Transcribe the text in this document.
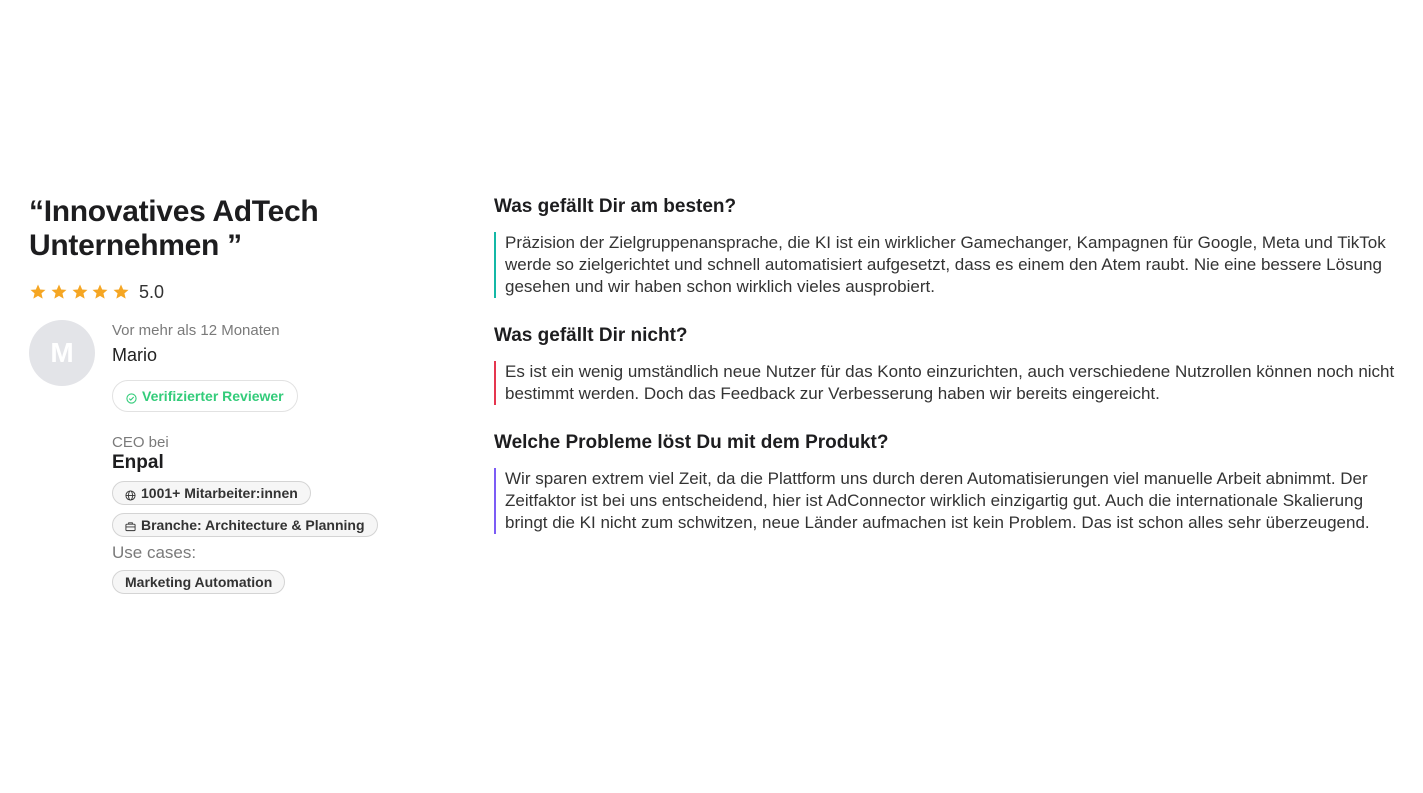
“Innovatives AdTech Unternehmen ”
5.0
M
Vor mehr als 12 Monaten
Mario
Verifizierter Reviewer
CEO bei
Enpal
1001+ Mitarbeiter:innen
Branche: Architecture & Planning
Use cases:
Marketing Automation
Was gefällt Dir am besten?
Präzision der Zielgruppenansprache, die KI ist ein wirklicher Gamechanger, Kampagnen für Google, Meta und TikTok werde so zielgerichtet und schnell automatisiert aufgesetzt, dass es einem den Atem raubt. Nie eine bessere Lösung gesehen und wir haben schon wirklich vieles ausprobiert.
Was gefällt Dir nicht?
Es ist ein wenig umständlich neue Nutzer für das Konto einzurichten, auch verschiedene Nutzrollen können noch nicht bestimmt werden. Doch das Feedback zur Verbesserung haben wir bereits eingereicht.
Welche Probleme löst Du mit dem Produkt?
Wir sparen extrem viel Zeit, da die Plattform uns durch deren Automatisierungen viel manuelle Arbeit abnimmt. Der Zeitfaktor ist bei uns entscheidend, hier ist AdConnector wirklich einzigartig gut. Auch die internationale Skalierung bringt die KI nicht zum schwitzen, neue Länder aufmachen ist kein Problem. Das ist schon alles sehr überzeugend.
